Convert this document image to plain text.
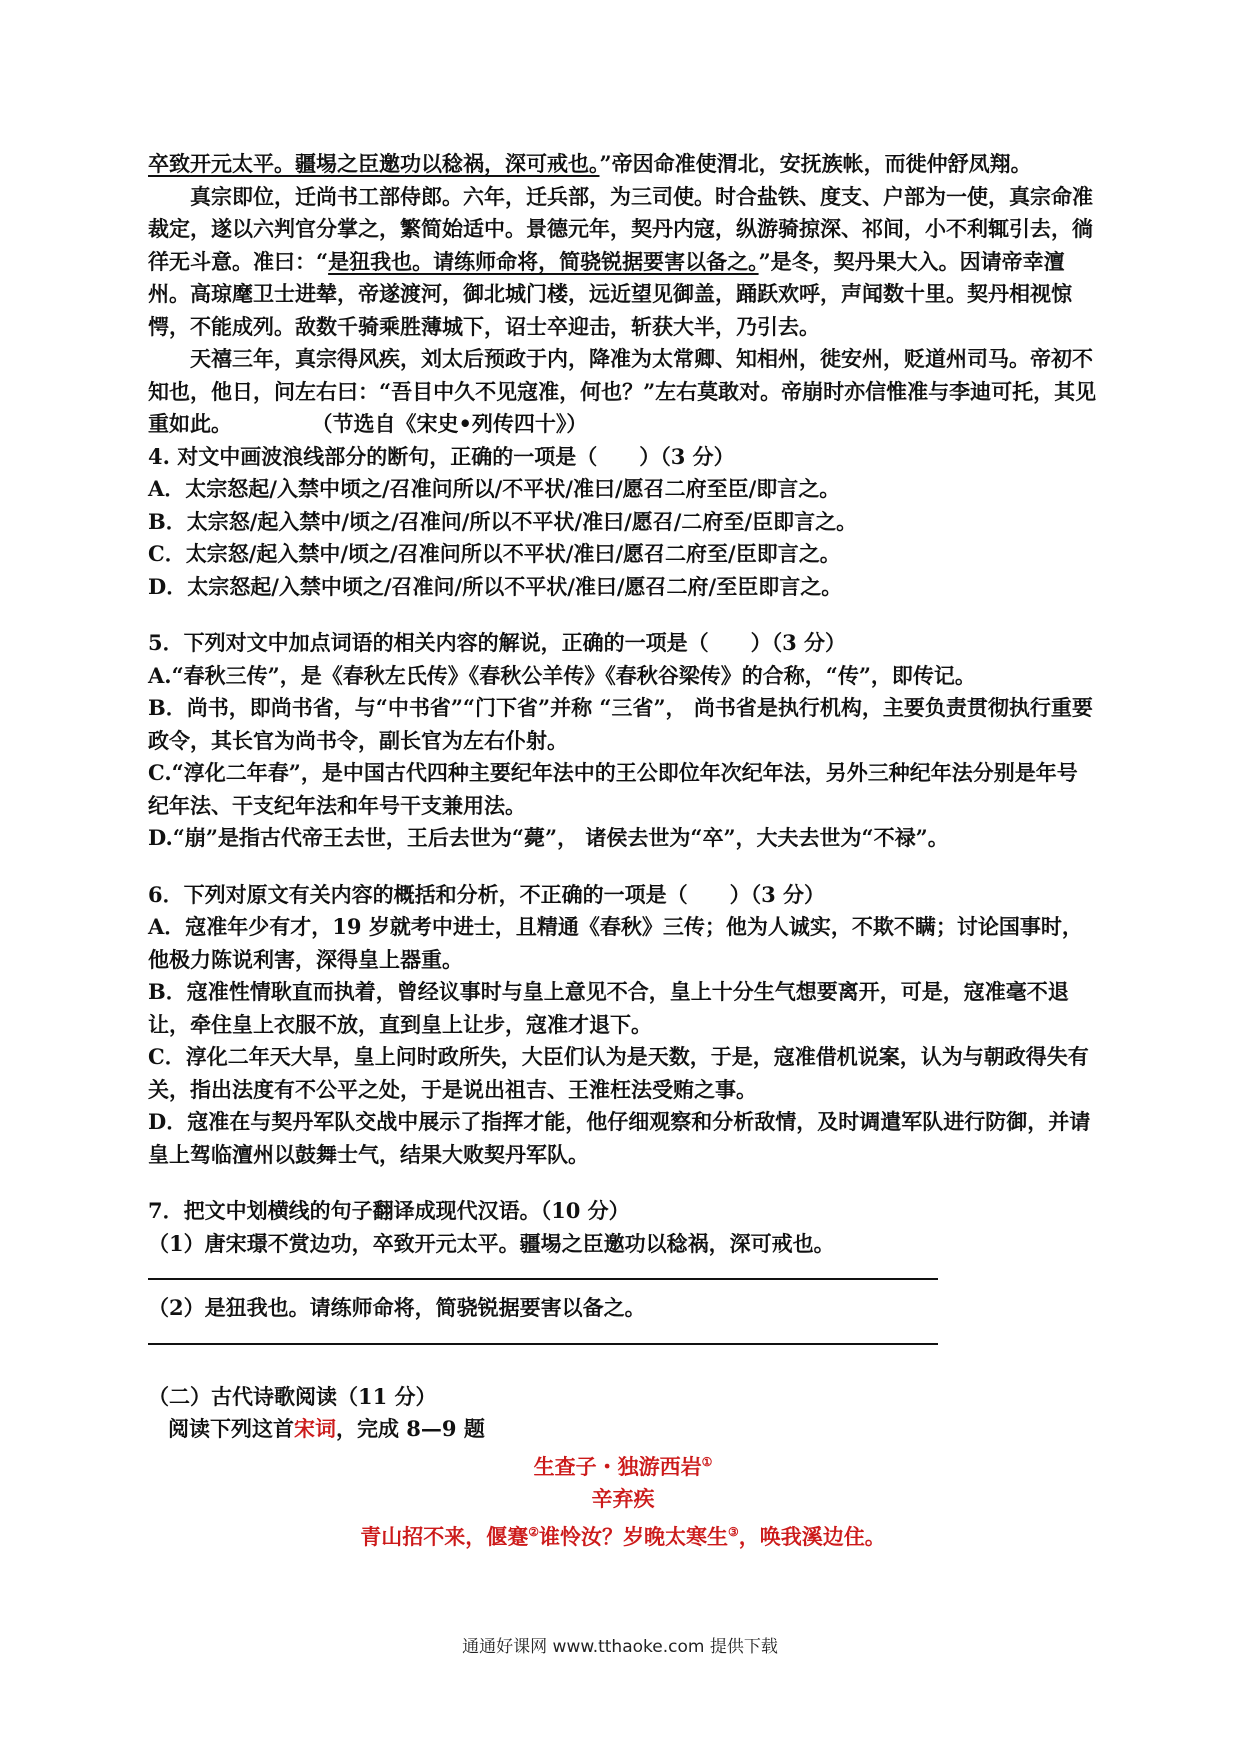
卒致开元太平。疆埸之臣邀功以稔祸，深可戒也。”帝因命准使渭北，安抚族帐，而徙仲舒凤翔。

真宗即位，迁尚书工部侍郎。六年，迁兵部，为三司使。时合盐铁、度支、户部为一使，真宗命准裁定，遂以六判官分掌之，繁简始适中。景德元年，契丹内寇，纵游骑掠深、祁间，小不利辄引去，徜徉无斗意。准曰：“是狃我也。请练师命将，简骁锐据要害以备之。”是冬，契丹果大入。因请帝幸澶州。高琼麾卫士进辇，帝遂渡河，御北城门楼，远近望见御盖，踊跃欢呼，声闻数十里。契丹相视惊愕，不能成列。敌数千骑乘胜薄城下，诏士卒迎击，斩获大半，乃引去。

天禧三年，真宗得风疾，刘太后预政于内，降准为太常卿、知相州，徙安州，贬道州司马。帝初不知也，他日，问左右曰：“吾目中久不见寇准，何也？”左右莫敢对。帝崩时亦信惟准与李迪可托，其见重如此。	（节选自《宋史•列传四十》）

4. 对文中画波浪线部分的断句，正确的一项是（　　）（3 分）

A．太宗怒起/入禁中顷之/召准问所以/不平状/准曰/愿召二府至臣/即言之。

B．太宗怒/起入禁中/顷之/召准问/所以不平状/准曰/愿召/二府至/臣即言之。

C．太宗怒/起入禁中/顷之/召准问所以不平状/准曰/愿召二府至/臣即言之。

D．太宗怒起/入禁中顷之/召准问/所以不平状/准曰/愿召二府/至臣即言之。

5．下列对文中加点词语的相关内容的解说，正确的一项是（　　）（3 分）

A.“春秋三传”，是《春秋左氏传》《春秋公羊传》《春秋谷梁传》的合称，“传”，即传记。

B．尚书，即尚书省，与“中书省”“门下省”并称 “三省”， 尚书省是执行机构，主要负责贯彻执行重要政令，其长官为尚书令，副长官为左右仆射。

C.“淳化二年春”，是中国古代四种主要纪年法中的王公即位年次纪年法，另外三种纪年法分别是年号纪年法、干支纪年法和年号干支兼用法。

D.“崩”是指古代帝王去世，王后去世为“薨”， 诸侯去世为“卒”，大夫去世为“不禄”。

6．下列对原文有关内容的概括和分析，不正确的一项是（　　）（3 分）

A．寇准年少有才，19 岁就考中进士，且精通《春秋》三传；他为人诚实，不欺不瞒；讨论国事时，他极力陈说利害，深得皇上器重。

B．寇准性情耿直而执着，曾经议事时与皇上意见不合，皇上十分生气想要离开，可是，寇准毫不退让，牵住皇上衣服不放，直到皇上让步，寇准才退下。

C．淳化二年天大旱，皇上问时政所失，大臣们认为是天数，于是，寇准借机说案，认为与朝政得失有关，指出法度有不公平之处，于是说出祖吉、王淮枉法受贿之事。

D．寇准在与契丹军队交战中展示了指挥才能，他仔细观察和分析敌情，及时调遣军队进行防御，并请皇上驾临澶州以鼓舞士气，结果大败契丹军队。

7．把文中划横线的句子翻译成现代汉语。（10 分）

（1）唐宋璟不赏边功，卒致开元太平。疆埸之臣邀功以稔祸，深可戒也。

（2）是狃我也。请练师命将，简骁锐据要害以备之。

（二）古代诗歌阅读（11 分）

阅读下列这首宋词，完成 8—9 题

生查子・独游西岩①

辛弃疾

青山招不来，偃蹇②谁怜汝？岁晚太寒生③，唤我溪边住。

通通好课网 www.tthaoke.com 提供下载
